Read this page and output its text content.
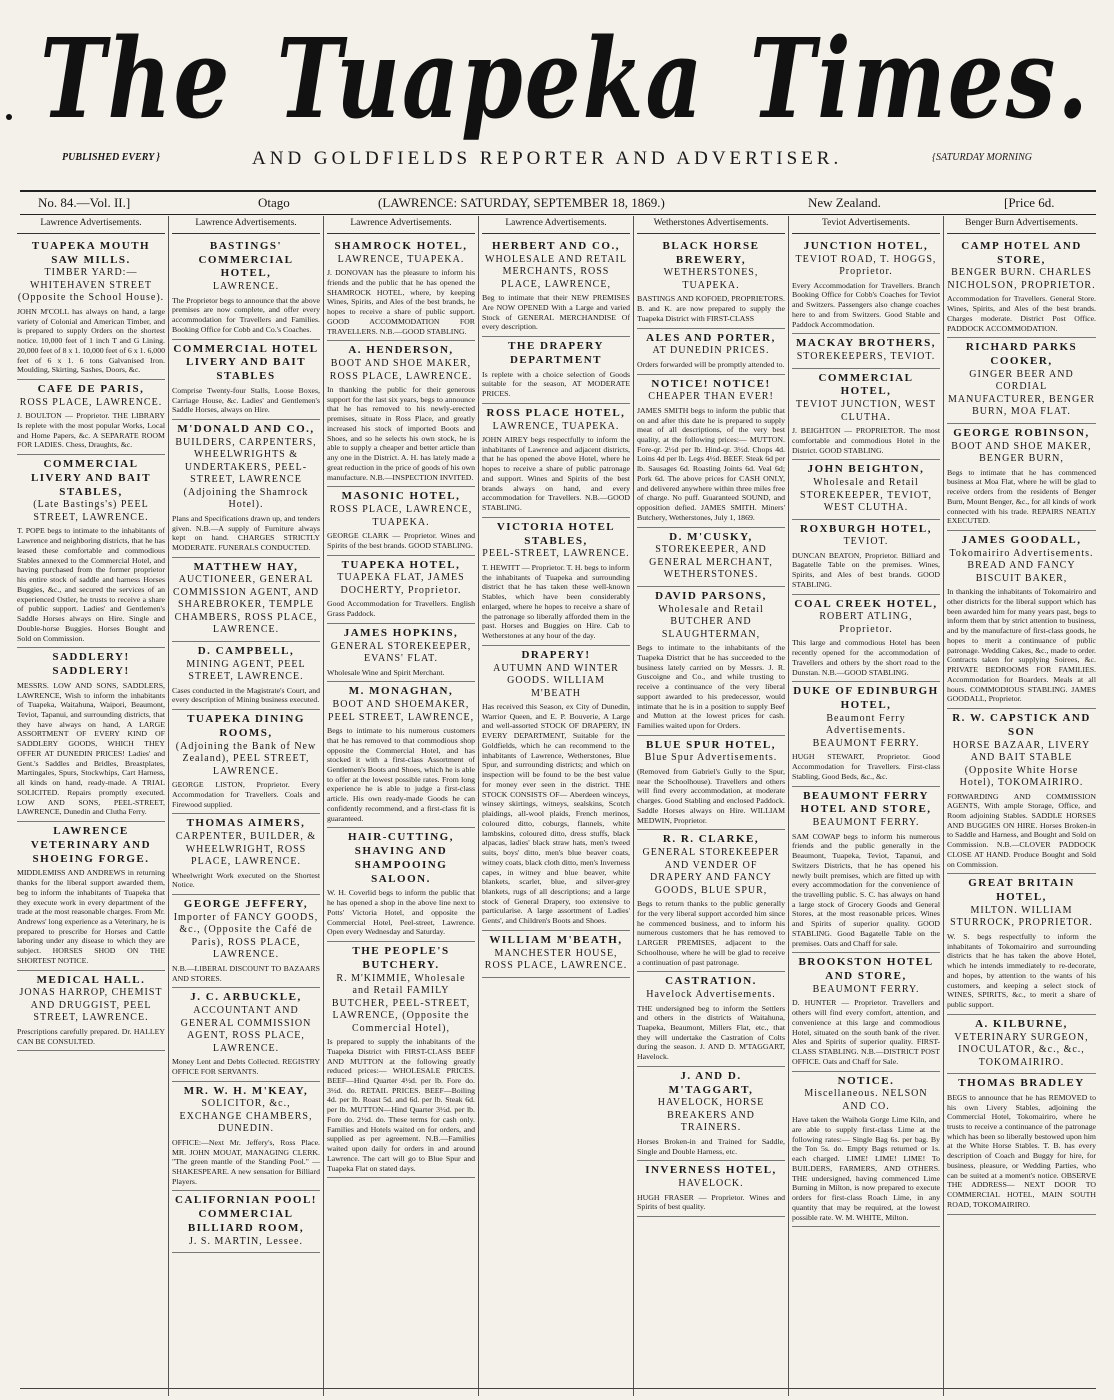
The Tuapeka Times.
PUBLISHED EVERY }	AND GOLDFIELDS REPORTER AND ADVERTISER.	{SATURDAY MORNING
No. 84.—Vol. II.]	Otago	(LAWRENCE: SATURDAY, SEPTEMBER 18, 1869.)	New Zealand.	[Price 6d.
Lawrence Advertisements.
TUAPEKA MOUTH SAW MILLS.
TIMBER YARD:—WHITEHAVEN STREET (Opposite the School House).
JOHN M'COLL has always on hand, a large variety of Colonial and American Timber, and is prepared to supply Orders on the shortest notice. 10,000 feet of 1 inch T and G Lining. 20,000 feet of 8 x 1. 10,000 feet of 6 x 1. 6,000 feet of 6 x 1. 6 tons Galvanised Iron. Moulding, Skirting, Sashes, Doors, &c.
CAFE DE PARIS,
ROSS PLACE, LAWRENCE.
J. BOULTON — Proprietor. THE LIBRARY Is replete with the most popular Works, Local and Home Papers, &c. A SEPARATE ROOM FOR LADIES. Chess, Draughts, &c.
COMMERCIAL LIVERY AND BAIT STABLES,
(Late Bastings's) PEEL STREET, LAWRENCE.
T. POPE begs to intimate to the inhabitants of Lawrence and neighboring districts, that he has leased these comfortable and commodious Stables annexed to the Commercial Hotel, and having purchased from the former proprietor his entire stock of saddle and harness Horses Buggies, &c., and secured the services of an experienced Ostler, he trusts to receive a share of public support. Ladies' and Gentlemen's Saddle Horses always on Hire. Single and Double-horse Buggies. Horses Bought and Sold on Commission.
SADDLERY! SADDLERY!
MESSRS. LOW AND SONS, SADDLERS, LAWRENCE, Wish to inform the inhabitants of Tuapeka, Waitahuna, Waipori, Beaumont, Teviot, Tapanui, and surrounding districts, that they have always on hand, A LARGE ASSORTMENT OF EVERY KIND OF SADDLERY GOODS, WHICH THEY OFFER AT DUNEDIN PRICES! Ladies' and Gent.'s Saddles and Bridles, Breastplates, Martingales, Spurs, Stockwhips, Cart Harness, all kinds on hand, ready-made. A TRIAL SOLICITED. Repairs promptly executed. LOW AND SONS, PEEL-STREET, LAWRENCE, Dunedin and Clutha Ferry.
LAWRENCE VETERINARY AND SHOEING FORGE.
MIDDLEMISS AND ANDREWS in returning thanks for the liberal support awarded them, beg to inform the inhabitants of Tuapeka that they execute work in every department of the trade at the most reasonable charges. From Mr. Andrews' long experience as a Veterinary, he is prepared to prescribe for Horses and Cattle laboring under any disease to which they are subject. HORSES SHOD ON THE SHORTEST NOTICE.
MEDICAL HALL.
JONAS HARROP, CHEMIST AND DRUGGIST, PEEL STREET, LAWRENCE.
Prescriptions carefully prepared. Dr. HALLEY CAN BE CONSULTED.
Lawrence Advertisements.
BASTINGS' COMMERCIAL HOTEL,
LAWRENCE.
The Proprietor begs to announce that the above premises are now complete, and offer every accommodation for Travellers and Families. Booking Office for Cobb and Co.'s Coaches.
COMMERCIAL HOTEL LIVERY AND BAIT STABLES
Comprise Twenty-four Stalls, Loose Boxes, Carriage House, &c. Ladies' and Gentlemen's Saddle Horses, always on Hire.
M'DONALD AND CO.,
BUILDERS, CARPENTERS, WHEELWRIGHTS & UNDERTAKERS, PEEL-STREET, LAWRENCE (Adjoining the Shamrock Hotel).
Plans and Specifications drawn up, and tenders given. N.B.—A supply of Furniture always kept on hand. CHARGES STRICTLY MODERATE. FUNERALS CONDUCTED.
MATTHEW HAY,
AUCTIONEER, GENERAL COMMISSION AGENT, AND SHAREBROKER, TEMPLE CHAMBERS, ROSS PLACE, LAWRENCE.
D. CAMPBELL,
MINING AGENT, PEEL STREET, LAWRENCE.
Cases conducted in the Magistrate's Court, and every description of Mining business executed.
TUAPEKA DINING ROOMS,
(Adjoining the Bank of New Zealand), PEEL STREET, LAWRENCE.
GEORGE LISTON, Proprietor. Every Accommodation for Travellers. Coals and Firewood supplied.
THOMAS AIMERS,
CARPENTER, BUILDER, & WHEELWRIGHT, ROSS PLACE, LAWRENCE.
Wheelwright Work executed on the Shortest Notice.
GEORGE JEFFERY,
Importer of FANCY GOODS, &c., (Opposite the Café de Paris), ROSS PLACE, LAWRENCE.
N.B.—LIBERAL DISCOUNT TO BAZAARS AND STORES.
J. C. ARBUCKLE,
ACCOUNTANT AND GENERAL COMMISSION AGENT, ROSS PLACE, LAWRENCE.
Money Lent and Debts Collected. REGISTRY OFFICE FOR SERVANTS.
MR. W. H. M'KEAY,
SOLICITOR, &c., EXCHANGE CHAMBERS, DUNEDIN.
OFFICE:—Next Mr. Jeffery's, Ross Place. MR. JOHN MOUAT, MANAGING CLERK. "The green mantle of the Standing Pool." —SHAKESPEARE. A new sensation for Billiard Players.
CALIFORNIAN POOL! COMMERCIAL BILLIARD ROOM,
J. S. MARTIN, Lessee.
Lawrence Advertisements.
SHAMROCK HOTEL,
LAWRENCE, TUAPEKA.
J. DONOVAN has the pleasure to inform his friends and the public that he has opened the SHAMROCK HOTEL, where, by keeping Wines, Spirits, and Ales of the best brands, he hopes to receive a share of public support. GOOD ACCOMMODATION FOR TRAVELLERS. N.B.—GOOD STABLING.
A. HENDERSON,
BOOT AND SHOE MAKER, ROSS PLACE, LAWRENCE.
In thanking the public for their generous support for the last six years, begs to announce that he has removed to his newly-erected premises, situate in Ross Place, and greatly increased his stock of imported Boots and Shoes, and so he selects his own stock, he is able to supply a cheaper and better article than any one in the District. A. H. has lately made a great reduction in the price of goods of his own manufacture. N.B.—INSPECTION INVITED.
MASONIC HOTEL,
ROSS PLACE, LAWRENCE, TUAPEKA.
GEORGE CLARK — Proprietor. Wines and Spirits of the best brands. GOOD STABLING.
TUAPEKA HOTEL,
TUAPEKA FLAT, JAMES DOCHERTY, Proprietor.
Good Accommodation for Travellers. English Grass Paddock.
JAMES HOPKINS,
GENERAL STOREKEEPER, EVANS' FLAT.
Wholesale Wine and Spirit Merchant.
M. MONAGHAN,
BOOT AND SHOEMAKER, PEEL STREET, LAWRENCE,
Begs to intimate to his numerous customers that he has removed to that commodious shop opposite the Commercial Hotel, and has stocked it with a first-class Assortment of Gentlemen's Boots and Shoes, which he is able to offer at the lowest possible rates. From long experience he is able to judge a first-class article. His own ready-made Goods he can confidently recommend, and a first-class fit is guaranteed.
HAIR-CUTTING, SHAVING AND SHAMPOOING SALOON.
W. H. Coverlid begs to inform the public that he has opened a shop in the above line next to Potts' Victoria Hotel, and opposite the Commercial Hotel, Peel-street, Lawrence. Open every Wednesday and Saturday.
THE PEOPLE'S BUTCHERY.
R. M'KIMMIE, Wholesale and Retail FAMILY BUTCHER, PEEL-STREET, LAWRENCE, (Opposite the Commercial Hotel),
Is prepared to supply the inhabitants of the Tuapeka District with FIRST-CLASS BEEF AND MUTTON at the following greatly reduced prices:— WHOLESALE PRICES. BEEF—Hind Quarter 4½d. per lb. Fore do. 3½d. do. RETAIL PRICES. BEEF—Boiling 4d. per lb. Roast 5d. and 6d. per lb. Steak 6d. per lb. MUTTON—Hind Quarter 3½d. per lb. Fore do. 2½d. do. These terms for cash only. Families and Hotels waited on for orders, and supplied as per agreement. N.B.—Families waited upon daily for orders in and around Lawrence. The cart will go to Blue Spur and Tuapeka Flat on stated days.
Lawrence Advertisements.
HERBERT AND CO.,
WHOLESALE AND RETAIL MERCHANTS, ROSS PLACE, LAWRENCE,
Beg to intimate that their NEW PREMISES Are NOW OPENED With a Large and varied Stock of GENERAL MERCHANDISE Of every description.
THE DRAPERY DEPARTMENT
Is replete with a choice selection of Goods suitable for the season, AT MODERATE PRICES.
ROSS PLACE HOTEL,
LAWRENCE, TUAPEKA.
JOHN AIREY begs respectfully to inform the inhabitants of Lawrence and adjacent districts, that he has opened the above Hotel, where he hopes to receive a share of public patronage and support. Wines and Spirits of the best brands always on hand, and every accommodation for Travellers. N.B.—GOOD STABLING.
VICTORIA HOTEL STABLES,
PEEL-STREET, LAWRENCE.
T. HEWITT — Proprietor. T. H. begs to inform the inhabitants of Tuapeka and surrounding district that he has taken these well-known Stables, which have been considerably enlarged, where he hopes to receive a share of the patronage so liberally afforded them in the past. Horses and Buggies on Hire. Cab to Wetherstones at any hour of the day.
DRAPERY!
AUTUMN AND WINTER GOODS. WILLIAM M'BEATH
Has received this Season, ex City of Dunedin, Warrior Queen, and E. P. Bouverie, A Large and well-assorted STOCK OF DRAPERY, IN EVERY DEPARTMENT, Suitable for the Goldfields, which he can recommend to the inhabitants of Lawrence, Wetherstones, Blue Spur, and surrounding districts; and which on inspection will be found to be the best value for money ever seen in the district. THE STOCK CONSISTS OF— Aberdeen winceys, winsey skirtings, witneys, sealskins, Scotch plaidings, all-wool plaids, French merinos, coloured ditto, coburgs, flannels, white lambskins, coloured ditto, dress stuffs, black alpacas, ladies' black straw hats, men's tweed suits, boys' ditto, men's blue beaver coats, witney coats, black cloth ditto, men's Inverness capes, in witney and blue beaver, white blankets, scarlet, blue, and silver-grey blankets, rugs of all descriptions; and a large stock of General Drapery, too extensive to particularise. A large assortment of Ladies' Gents', and Children's Boots and Shoes.
WILLIAM M'BEATH,
MANCHESTER HOUSE, ROSS PLACE, LAWRENCE.
Wetherstones Advertisements.
BLACK HORSE BREWERY,
WETHERSTONES, TUAPEKA.
BASTINGS AND KOFOED, PROPRIETORS. B. and K. are now prepared to supply the Tuapeka District with FIRST-CLASS
ALES AND PORTER,
AT DUNEDIN PRICES.
Orders forwarded will be promptly attended to.
NOTICE! NOTICE!
CHEAPER THAN EVER!
JAMES SMITH begs to inform the public that on and after this date he is prepared to supply meat of all descriptions, of the very best quality, at the following prices:— MUTTON. Fore-qr. 2½d per lb. Hind-qr. 3½d. Chops 4d. Loins 4d per lb. Legs 4½d. BEEF. Steak 6d per lb. Sausages 6d. Roasting Joints 6d. Veal 6d; Pork 6d. The above prices for CASH ONLY, and delivered anywhere within three miles free of charge. No puff. Guaranteed SOUND, and opposition defied. JAMES SMITH. Miners' Butchery, Wetherstones, July 1, 1869.
D. M'CUSKY,
STOREKEEPER, AND GENERAL MERCHANT, WETHERSTONES.
DAVID PARSONS,
Wholesale and Retail BUTCHER AND SLAUGHTERMAN,
Begs to intimate to the inhabitants of the Tuapeka District that he has succeeded to the business lately carried on by Messrs. J. R. Guscoigne and Co., and while trusting to receive a continuance of the very liberal support awarded to his predecessor, would intimate that he is in a position to supply Beef and Mutton at the lowest prices for cash. Families waited upon for Orders.
BLUE SPUR HOTEL,
Blue Spur Advertisements.
(Removed from Gabriel's Gully to the Spur, near the Schoolhouse). Travellers and others will find every accommodation, at moderate charges. Good Stabling and enclosed Paddock. Saddle Horses always on Hire. WILLIAM MEDWIN, Proprietor.
R. R. CLARKE,
GENERAL STOREKEEPER AND VENDER OF DRAPERY AND FANCY GOODS, BLUE SPUR,
Begs to return thanks to the public generally for the very liberal support accorded him since he commenced business, and to inform his numerous customers that he has removed to LARGER PREMISES, adjacent to the Schoolhouse, where he will be glad to receive a continuation of past patronage.
CASTRATION.
Havelock Advertisements.
THE undersigned beg to inform the Settlers and others in the districts of Waitahuna, Tuapeka, Beaumont, Millers Flat, etc., that they will undertake the Castration of Colts during the season. J. AND D. M'TAGGART, Havelock.
J. AND D. M'TAGGART,
HAVELOCK, HORSE BREAKERS AND TRAINERS.
Horses Broken-in and Trained for Saddle, Single and Double Harness, etc.
INVERNESS HOTEL,
HAVELOCK.
HUGH FRASER — Proprietor. Wines and Spirits of best quality.
Teviot Advertisements.
JUNCTION HOTEL,
TEVIOT ROAD, T. HOGGS, Proprietor.
Every Accommodation for Travellers. Branch Booking Office for Cobb's Coaches for Teviot and Switzers. Passengers also change coaches here to and from Switzers. Good Stable and Paddock Accommodation.
MACKAY BROTHERS,
STOREKEEPERS, TEVIOT.
COMMERCIAL HOTEL,
TEVIOT JUNCTION, WEST CLUTHA.
J. BEIGHTON — PROPRIETOR. The most comfortable and commodious Hotel in the District. GOOD STABLING.
JOHN BEIGHTON,
Wholesale and Retail STOREKEEPER, TEVIOT, WEST CLUTHA.
ROXBURGH HOTEL,
TEVIOT.
DUNCAN BEATON, Proprietor. Billiard and Bagatelle Table on the premises. Wines, Spirits, and Ales of best brands. GOOD STABLING.
COAL CREEK HOTEL,
ROBERT ATLING, Proprietor.
This large and commodious Hotel has been recently opened for the accommodation of Travellers and others by the short road to the Dunstan. N.B.—GOOD STABLING.
DUKE OF EDINBURGH HOTEL,
Beaumont Ferry Advertisements. BEAUMONT FERRY.
HUGH STEWART, Proprietor. Good Accommodation for Travellers. First-class Stabling, Good Beds, &c., &c.
BEAUMONT FERRY HOTEL AND STORE,
BEAUMONT FERRY.
SAM COWAP begs to inform his numerous friends and the public generally in the Beaumont, Tuapeka, Teviot, Tapanui, and Switzers Districts, that he has opened his newly built premises, which are fitted up with every accommodation for the convenience of the travelling public. S. C. has always on hand a large stock of Grocery Goods and General Stores, at the most reasonable prices. Wines and Spirits of superior quality. GOOD STABLING. Good Bagatelle Table on the premises. Oats and Chaff for sale.
BROOKSTON HOTEL AND STORE,
BEAUMONT FERRY.
D. HUNTER — Proprietor. Travellers and others will find every comfort, attention, and convenience at this large and commodious Hotel, situated on the south bank of the river. Ales and Spirits of superior quality. FIRST-CLASS STABLING. N.B.—DISTRICT POST OFFICE. Oats and Chaff for Sale.
NOTICE.
Miscellaneous. NELSON AND CO.
Have taken the Waihola Gorge Lime Kiln, and are able to supply first-class Lime at the following rates:— Single Bag 6s. per bag. By the Ton 5s. do. Empty Bags returned or 1s. each charged. LIME! LIME! LIME! To BUILDERS, FARMERS, AND OTHERS. THE undersigned, having commenced Lime Burning in Milton, is now prepared to execute orders for first-class Roach Lime, in any quantity that may be required, at the lowest possible rate. W. M. WHITE, Milton.
Benger Burn Advertisements.
CAMP HOTEL AND STORE,
BENGER BURN. CHARLES NICHOLSON, PROPRIETOR.
Accommodation for Travellers. General Store. Wines, Spirits, and Ales of the best brands. Charges moderate. District Post Office. PADDOCK ACCOMMODATION.
RICHARD PARKS COOKER,
GINGER BEER AND CORDIAL MANUFACTURER, BENGER BURN, MOA FLAT.
GEORGE ROBINSON,
BOOT AND SHOE MAKER, BENGER BURN,
Begs to intimate that he has commenced business at Moa Flat, where he will be glad to receive orders from the residents of Benger Burn, Mount Benger, &c., for all kinds of work connected with his trade. REPAIRS NEATLY EXECUTED.
JAMES GOODALL,
Tokomairiro Advertisements. BREAD AND FANCY BISCUIT BAKER,
In thanking the inhabitants of Tokomairiro and other districts for the liberal support which has been awarded him for many years past, begs to inform them that by strict attention to business, and by the manufacture of first-class goods, he hopes to merit a continuance of public patronage. Wedding Cakes, &c., made to order. Contracts taken for supplying Soirees, &c. PRIVATE BEDROOMS FOR FAMILIES. Accommodation for Boarders. Meals at all hours. COMMODIOUS STABLING. JAMES GOODALL, Proprietor.
R. W. CAPSTICK AND SON
HORSE BAZAAR, LIVERY AND BAIT STABLE (Opposite White Horse Hotel), TOKOMAIRIRO.
FORWARDING AND COMMISSION AGENTS, With ample Storage, Office, and Room adjoining Stables. SADDLE HORSES AND BUGGIES ON HIRE. Horses Broken-in to Saddle and Harness, and Bought and Sold on Commission. N.B.—CLOVER PADDOCK CLOSE AT HAND. Produce Bought and Sold on Commission.
GREAT BRITAIN HOTEL,
MILTON. WILLIAM STURROCK, PROPRIETOR.
W. S. begs respectfully to inform the inhabitants of Tokomairiro and surrounding districts that he has taken the above Hotel, which he intends immediately to re-decorate, and hopes, by attention to the wants of his customers, and keeping a select stock of WINES, SPIRITS, &c., to merit a share of public support.
A. KILBURNE,
VETERINARY SURGEON, INOCULATOR, &c., &c., TOKOMAIRIRO.
THOMAS BRADLEY
BEGS to announce that he has REMOVED to his own Livery Stables, adjoining the Commercial Hotel, Tokomairiro, where he trusts to receive a continuance of the patronage which has been so liberally bestowed upon him at the White Horse Stables. T. B. has every description of Coach and Buggy for hire, for business, pleasure, or Wedding Parties, who can be suited at a moment's notice. OBSERVE THE ADDRESS— NEXT DOOR TO COMMERCIAL HOTEL, MAIN SOUTH ROAD, TOKOMAIRIRO.
